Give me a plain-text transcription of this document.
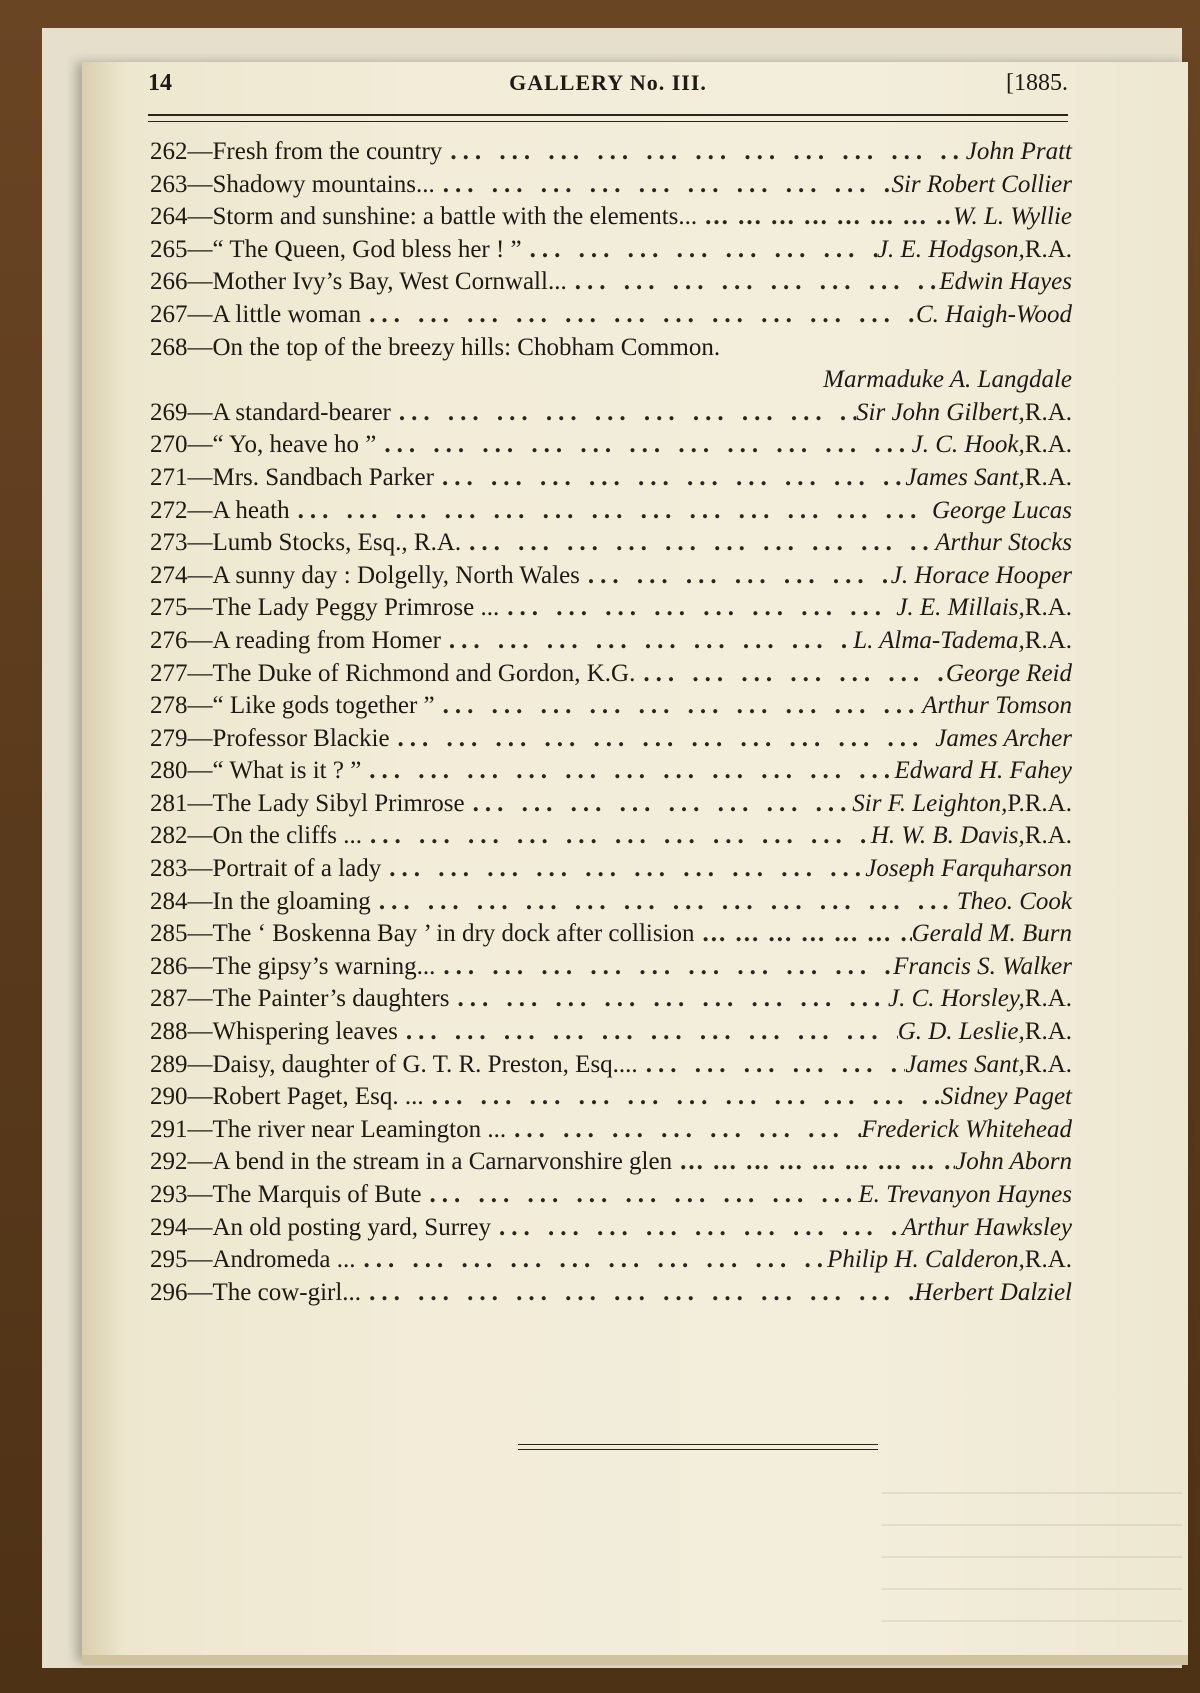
14	GALLERY No. III.	[1885.
262 — Fresh from the country ... .	John Pratt
263 — Shadowy mountains... ... .	Sir Robert Collier
264 — Storm and sunshine: a battle with the elements... ... .	W. L. Wyllie
265 — “ The Queen, God bless her ! ” ... .	J. E. Hodgson, R.A.
266 — Mother Ivy’s Bay, West Cornwall... ... .	Edwin Hayes
267 — A little woman ... .	C. Haigh-Wood
268 — On the top of the breezy hills: Chobham Common.
Marmaduke A. Langdale
269 — A standard-bearer ... .	Sir John Gilbert, R.A.
270 — “ Yo, heave ho ” ... .	J. C. Hook, R.A.
271 — Mrs. Sandbach Parker ... .	James Sant, R.A.
272 — A heath ... .	George Lucas
273 — Lumb Stocks, Esq., R.A. ... .	Arthur Stocks
274 — A sunny day : Dolgelly, North Wales ... .	J. Horace Hooper
275 — The Lady Peggy Primrose ... ... .	J. E. Millais, R.A.
276 — A reading from Homer ... .	L. Alma-Tadema, R.A.
277 — The Duke of Richmond and Gordon, K.G. ... .	George Reid
278 — “ Like gods together ” ... .	Arthur Tomson
279 — Professor Blackie ... .	James Archer
280 — “ What is it ? ” ... .	Edward H. Fahey
281 — The Lady Sibyl Primrose ... .	Sir F. Leighton, P.R.A.
282 — On the cliffs ... ... .	H. W. B. Davis, R.A.
283 — Portrait of a lady ... .	Joseph Farquharson
284 — In the gloaming ... .	Theo. Cook
285 — The ‘ Boskenna Bay ’ in dry dock after collision ... .	Gerald M. Burn
286 — The gipsy’s warning... ... .	Francis S. Walker
287 — The Painter’s daughters ... .	J. C. Horsley, R.A.
288 — Whispering leaves ... .	G. D. Leslie, R.A.
289 — Daisy, daughter of G. T. R. Preston, Esq.... ... .	James Sant, R.A.
290 — Robert Paget, Esq. ... ... .	Sidney Paget
291 — The river near Leamington ... ... .	Frederick Whitehead
292 — A bend in the stream in a Carnarvonshire glen ... .	John Aborn
293 — The Marquis of Bute ... .	E. Trevanyon Haynes
294 — An old posting yard, Surrey ... .	Arthur Hawksley
295 — Andromeda ... ... .	Philip H. Calderon, R.A.
296 — The cow-girl... ... .	Herbert Dalziel
